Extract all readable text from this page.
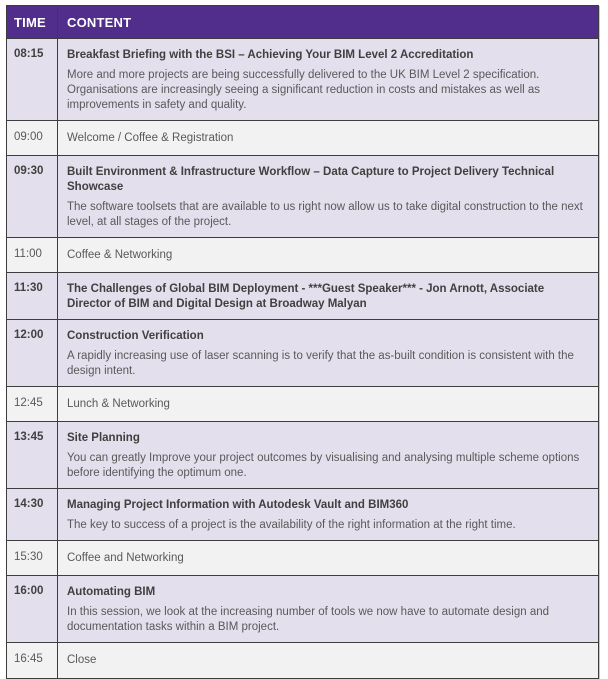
TIME	CONTENT
08:15	Breakfast Briefing with the BSI – Achieving Your BIM Level 2 Accreditation
More and more projects are being successfully delivered to the UK BIM Level 2 specification. Organisations are increasingly seeing a significant reduction in costs and mistakes as well as improvements in safety and quality.

09:00	Welcome / Coffee & Registration
09:30	Built Environment & Infrastructure Workflow – Data Capture to Project Delivery Technical Showcase
The software toolsets that are available to us right now allow us to take digital construction to the next level, at all stages of the project.

11:00	Coffee & Networking
11:30	The Challenges of Global BIM Deployment - ***Guest Speaker*** - Jon Arnott, Associate Director of BIM and Digital Design at Broadway Malyan

12:00	Construction Verification
A rapidly increasing use of laser scanning is to verify that the as-built condition is consistent with the design intent.

12:45	Lunch & Networking
13:45	Site Planning
You can greatly Improve your project outcomes by visualising and analysing multiple scheme options before identifying the optimum one.

14:30	Managing Project Information with Autodesk Vault and BIM360
The key to success of a project is the availability of the right information at the right time.

15:30	Coffee and Networking
16:00	Automating BIM
In this session, we look at the increasing number of tools we now have to automate design and documentation tasks within a BIM project.

16:45	Close
